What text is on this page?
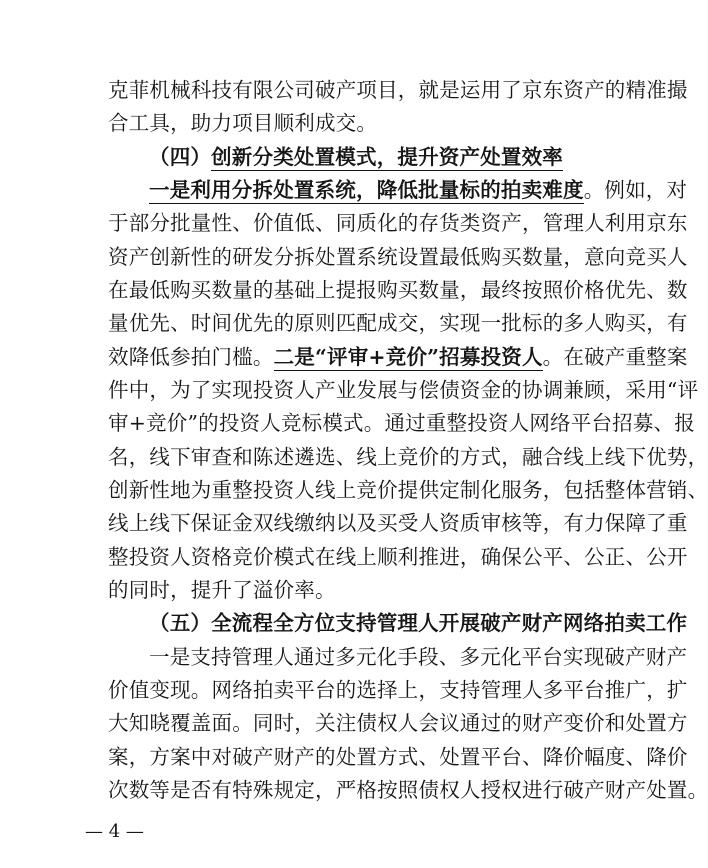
克菲机械科技有限公司破产项目，就是运用了京东资产的精准撮
合工具，助力项目顺利成交。
（四）创新分类处置模式，提升资产处置效率
一是利用分拆处置系统，降低批量标的拍卖难度。例如，对
于部分批量性、价值低、同质化的存货类资产，管理人利用京东
资产创新性的研发分拆处置系统设置最低购买数量，意向竞买人
在最低购买数量的基础上提报购买数量，最终按照价格优先、数
量优先、时间优先的原则匹配成交，实现一批标的多人购买，有
效降低参拍门槛。二是“评审+竞价”招募投资人。在破产重整案
件中，为了实现投资人产业发展与偿债资金的协调兼顾，采用“评
审+竞价”的投资人竞标模式。通过重整投资人网络平台招募、报
名，线下审查和陈述遴选、线上竞价的方式，融合线上线下优势，
创新性地为重整投资人线上竞价提供定制化服务，包括整体营销、
线上线下保证金双线缴纳以及买受人资质审核等，有力保障了重
整投资人资格竞价模式在线上顺利推进，确保公平、公正、公开
的同时，提升了溢价率。
（五）全流程全方位支持管理人开展破产财产网络拍卖工作
一是支持管理人通过多元化手段、多元化平台实现破产财产
价值变现。网络拍卖平台的选择上，支持管理人多平台推广，扩
大知晓覆盖面。同时，关注债权人会议通过的财产变价和处置方
案，方案中对破产财产的处置方式、处置平台、降价幅度、降价
次数等是否有特殊规定，严格按照债权人授权进行破产财产处置。
— 4 —
